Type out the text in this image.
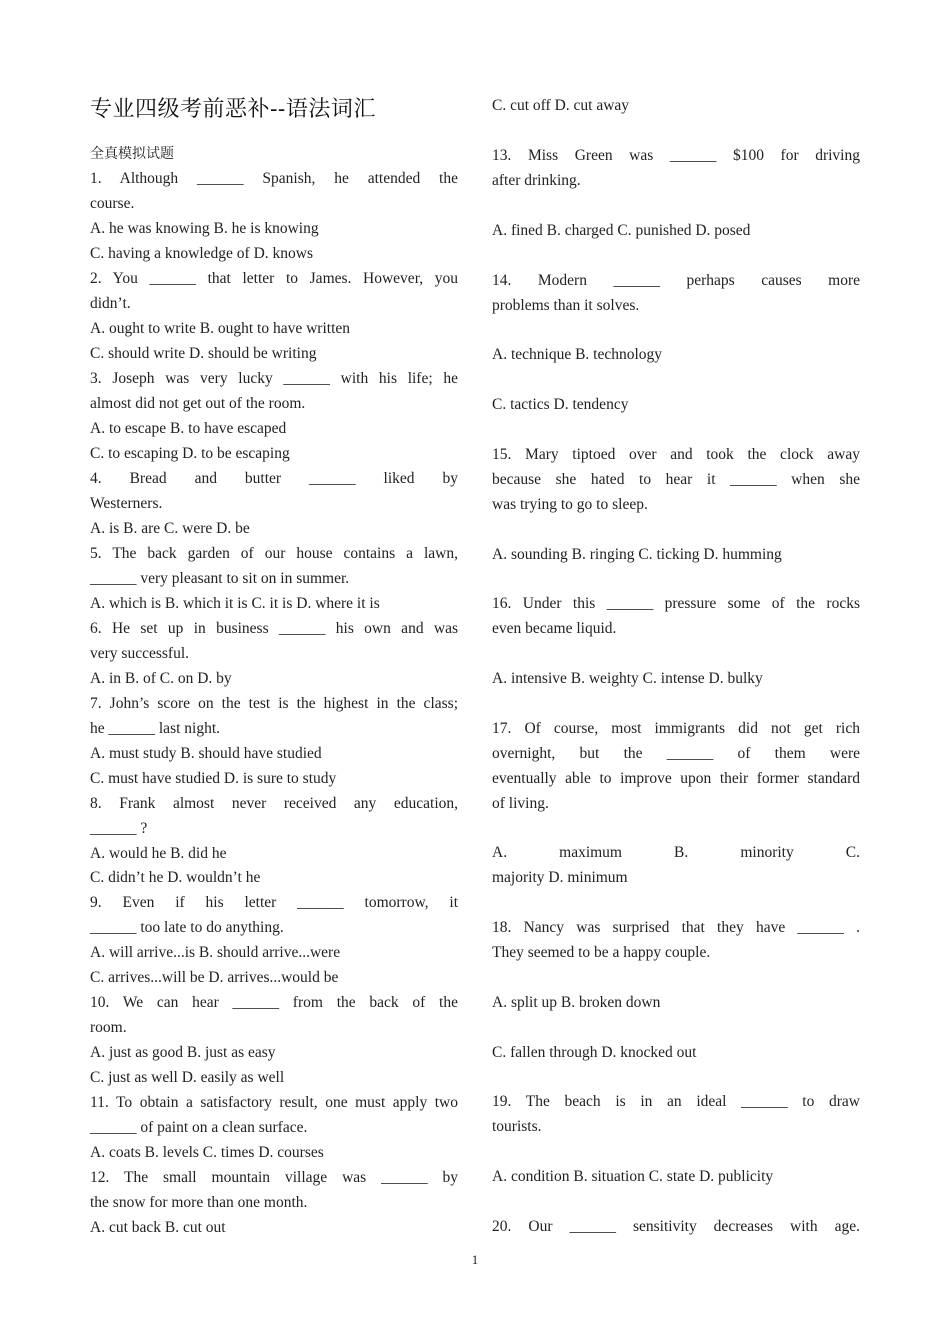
专业四级考前恶补--语法词汇
全真模拟试题
1. Although ______ Spanish, he attended the
course.
A. he was knowing B. he is knowing
C. having a knowledge of D. knows
2. You ______ that letter to James. However, you
didn’t.
A. ought to write B. ought to have written
C. should write D. should be writing
3. Joseph was very lucky ______ with his life; he
almost did not get out of the room.
A. to escape B. to have escaped
C. to escaping D. to be escaping
4. Bread and butter ______ liked by
Westerners.
A. is B. are C. were D. be
5. The back garden of our house contains a lawn,
______ very pleasant to sit on in summer.
A. which is B. which it is C. it is D. where it is
6. He set up in business ______ his own and was
very successful.
A. in B. of C. on D. by
7. John’s score on the test is the highest in the class;
he ______ last night.
A. must study B. should have studied
C. must have studied D. is sure to study
8. Frank almost never received any education,
______ ?
A. would he B. did he
C. didn’t he D. wouldn’t he
9. Even if his letter ______ tomorrow, it
______ too late to do anything.
A. will arrive...is B. should arrive...were
C. arrives...will be D. arrives...would be
10. We can hear ______ from the back of the
room.
A. just as good B. just as easy
C. just as well D. easily as well
11. To obtain a satisfactory result, one must apply two
______ of paint on a clean surface.
A. coats B. levels C. times D. courses
12. The small mountain village was ______ by
the snow for more than one month.
A. cut back B. cut out
C. cut off D. cut away
13. Miss Green was ______ $100 for driving
after drinking.
A. fined B. charged C. punished D. posed
14. Modern ______ perhaps causes more
problems than it solves.
A. technique B. technology
C. tactics D. tendency
15. Mary tiptoed over and took the clock away
because she hated to hear it ______ when she
was trying to go to sleep.
A. sounding B. ringing C. ticking D. humming
16. Under this ______ pressure some of the rocks
even became liquid.
A. intensive B. weighty C. intense D. bulky
17. Of course, most immigrants did not get rich
overnight, but the ______ of them were
eventually able to improve upon their former standard
of living.
A. maximum B. minority C.
majority D. minimum
18. Nancy was surprised that they have ______ .
They seemed to be a happy couple.
A. split up B. broken down
C. fallen through D. knocked out
19. The beach is in an ideal ______ to draw
tourists.
A. condition B. situation C. state D. publicity
20. Our ______ sensitivity decreases with age.
1
